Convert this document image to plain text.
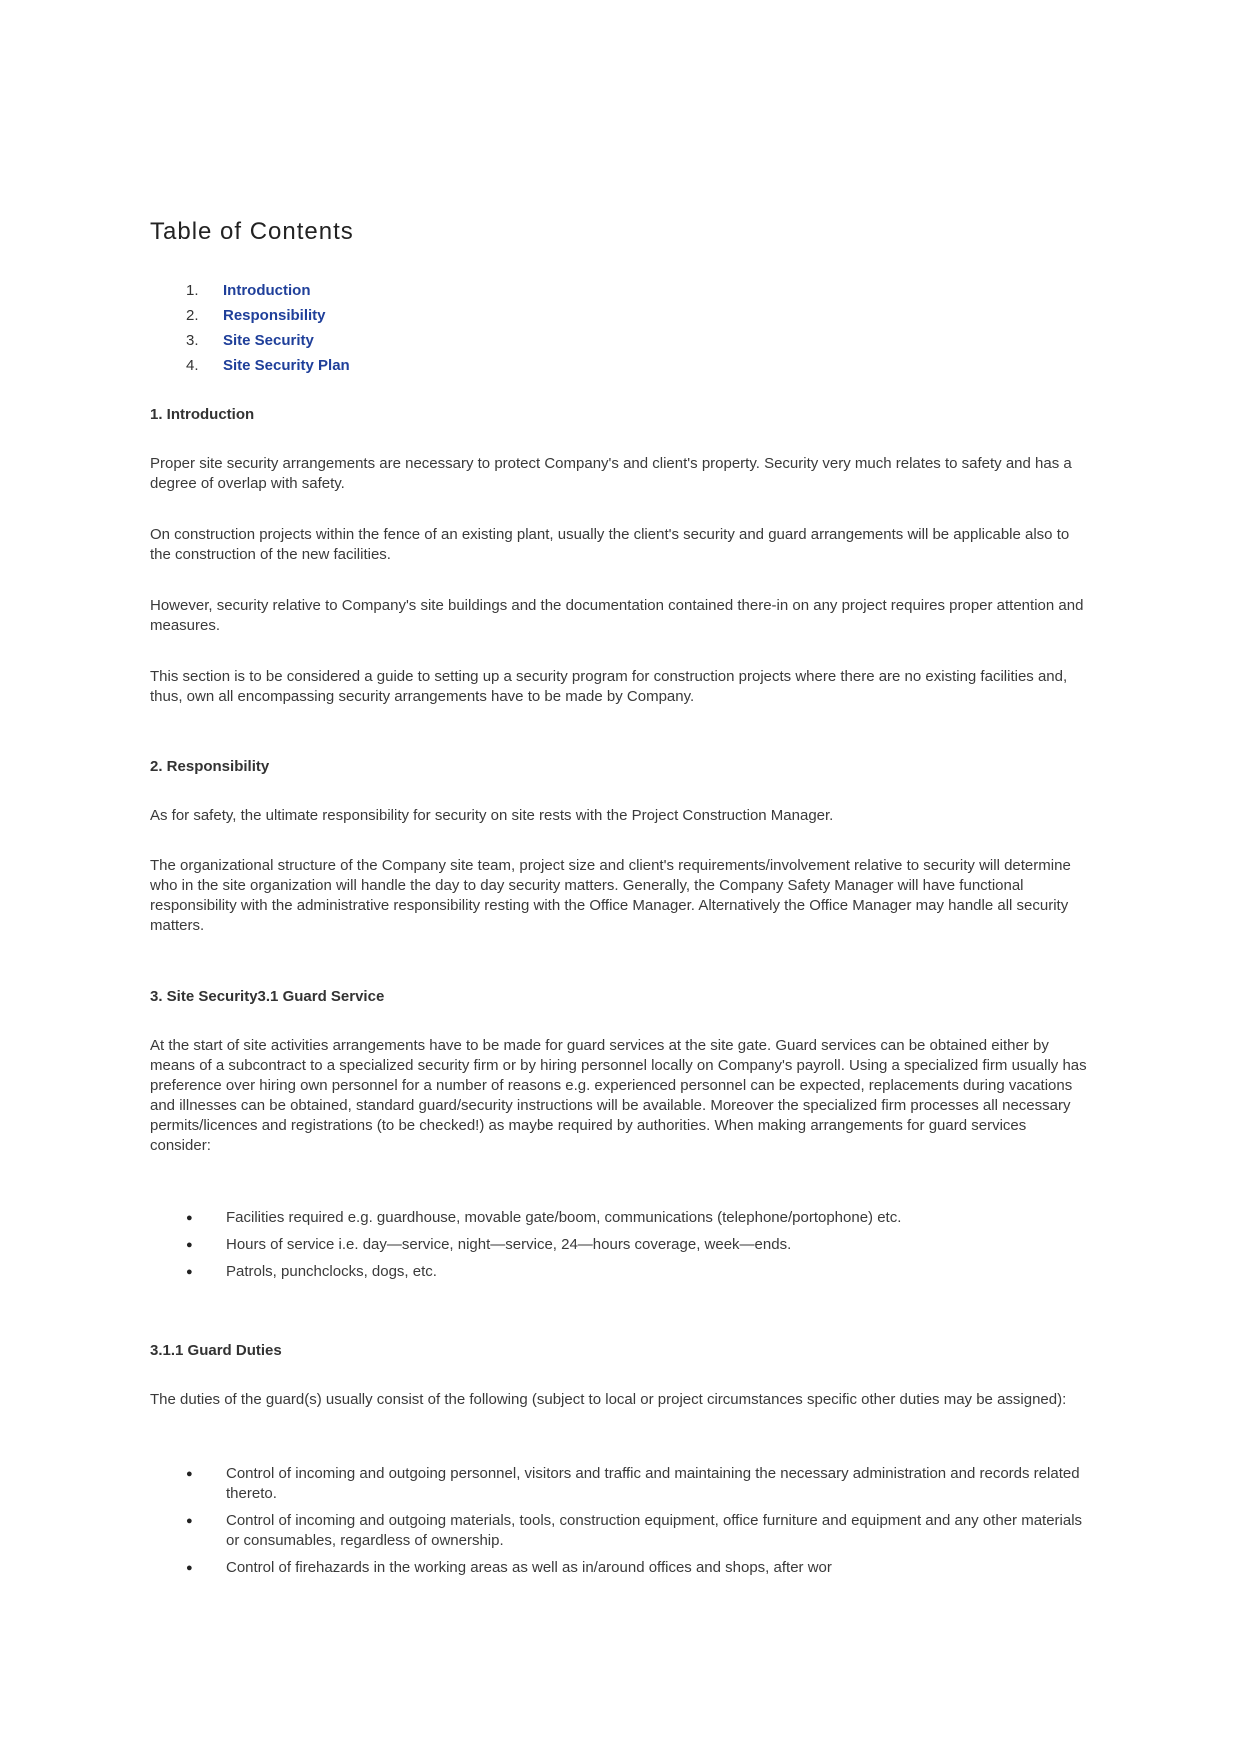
Table of Contents
1.	Introduction
2.	Responsibility
3.	Site Security
4.	Site Security Plan
1. Introduction

Proper site security arrangements are necessary to protect Company's and client's property. Security very much relates to safety and has a degree of overlap with safety.

On construction projects within the fence of an existing plant, usually the client's security and guard arrangements will be applicable also to the construction of the new facilities.

However, security relative to Company's site buildings and the documentation contained there-in on any project requires proper attention and measures.

This section is to be considered a guide to setting up a security program for construction projects where there are no existing facilities and, thus, own all encompassing security arrangements have to be made by Company.

2. Responsibility

As for safety, the ultimate responsibility for security on site rests with the Project Construction Manager.

The organizational structure of the Company site team, project size and client's requirements/involvement relative to security will determine who in the site organization will handle the day to day security matters. Generally, the Company Safety Manager will have functional responsibility with the administrative responsibility resting with the Office Manager. Alternatively the Office Manager may handle all security matters.

3. Site Security3.1 Guard Service

At the start of site activities arrangements have to be made for guard services at the site gate. Guard services can be obtained either by means of a subcontract to a specialized security firm or by hiring personnel locally on Company's payroll. Using a specialized firm usually has preference over hiring own personnel for a number of reasons e.g. experienced personnel can be expected, replacements during vacations and illnesses can be obtained, standard guard/security instructions will be available. Moreover the specialized firm processes all necessary permits/licences and registrations (to be checked!) as maybe required by authorities. When making arrangements for guard services consider:

● Facilities required e.g. guardhouse, movable gate/boom, communications (telephone/portophone) etc.
● Hours of service i.e. day—service, night—service, 24—hours coverage, week—ends.
● Patrols, punchclocks, dogs, etc.
3.1.1 Guard Duties

The duties of the guard(s) usually consist of the following (subject to local or project circumstances specific other duties may be assigned):

● Control of incoming and outgoing personnel, visitors and traffic and maintaining the necessary administration and records related thereto.
● Control of incoming and outgoing materials, tools, construction equipment, office furniture and equipment and any other materials or consumables, regardless of ownership.
● Control of firehazards in the working areas as well as in/around offices and shops, after wor
